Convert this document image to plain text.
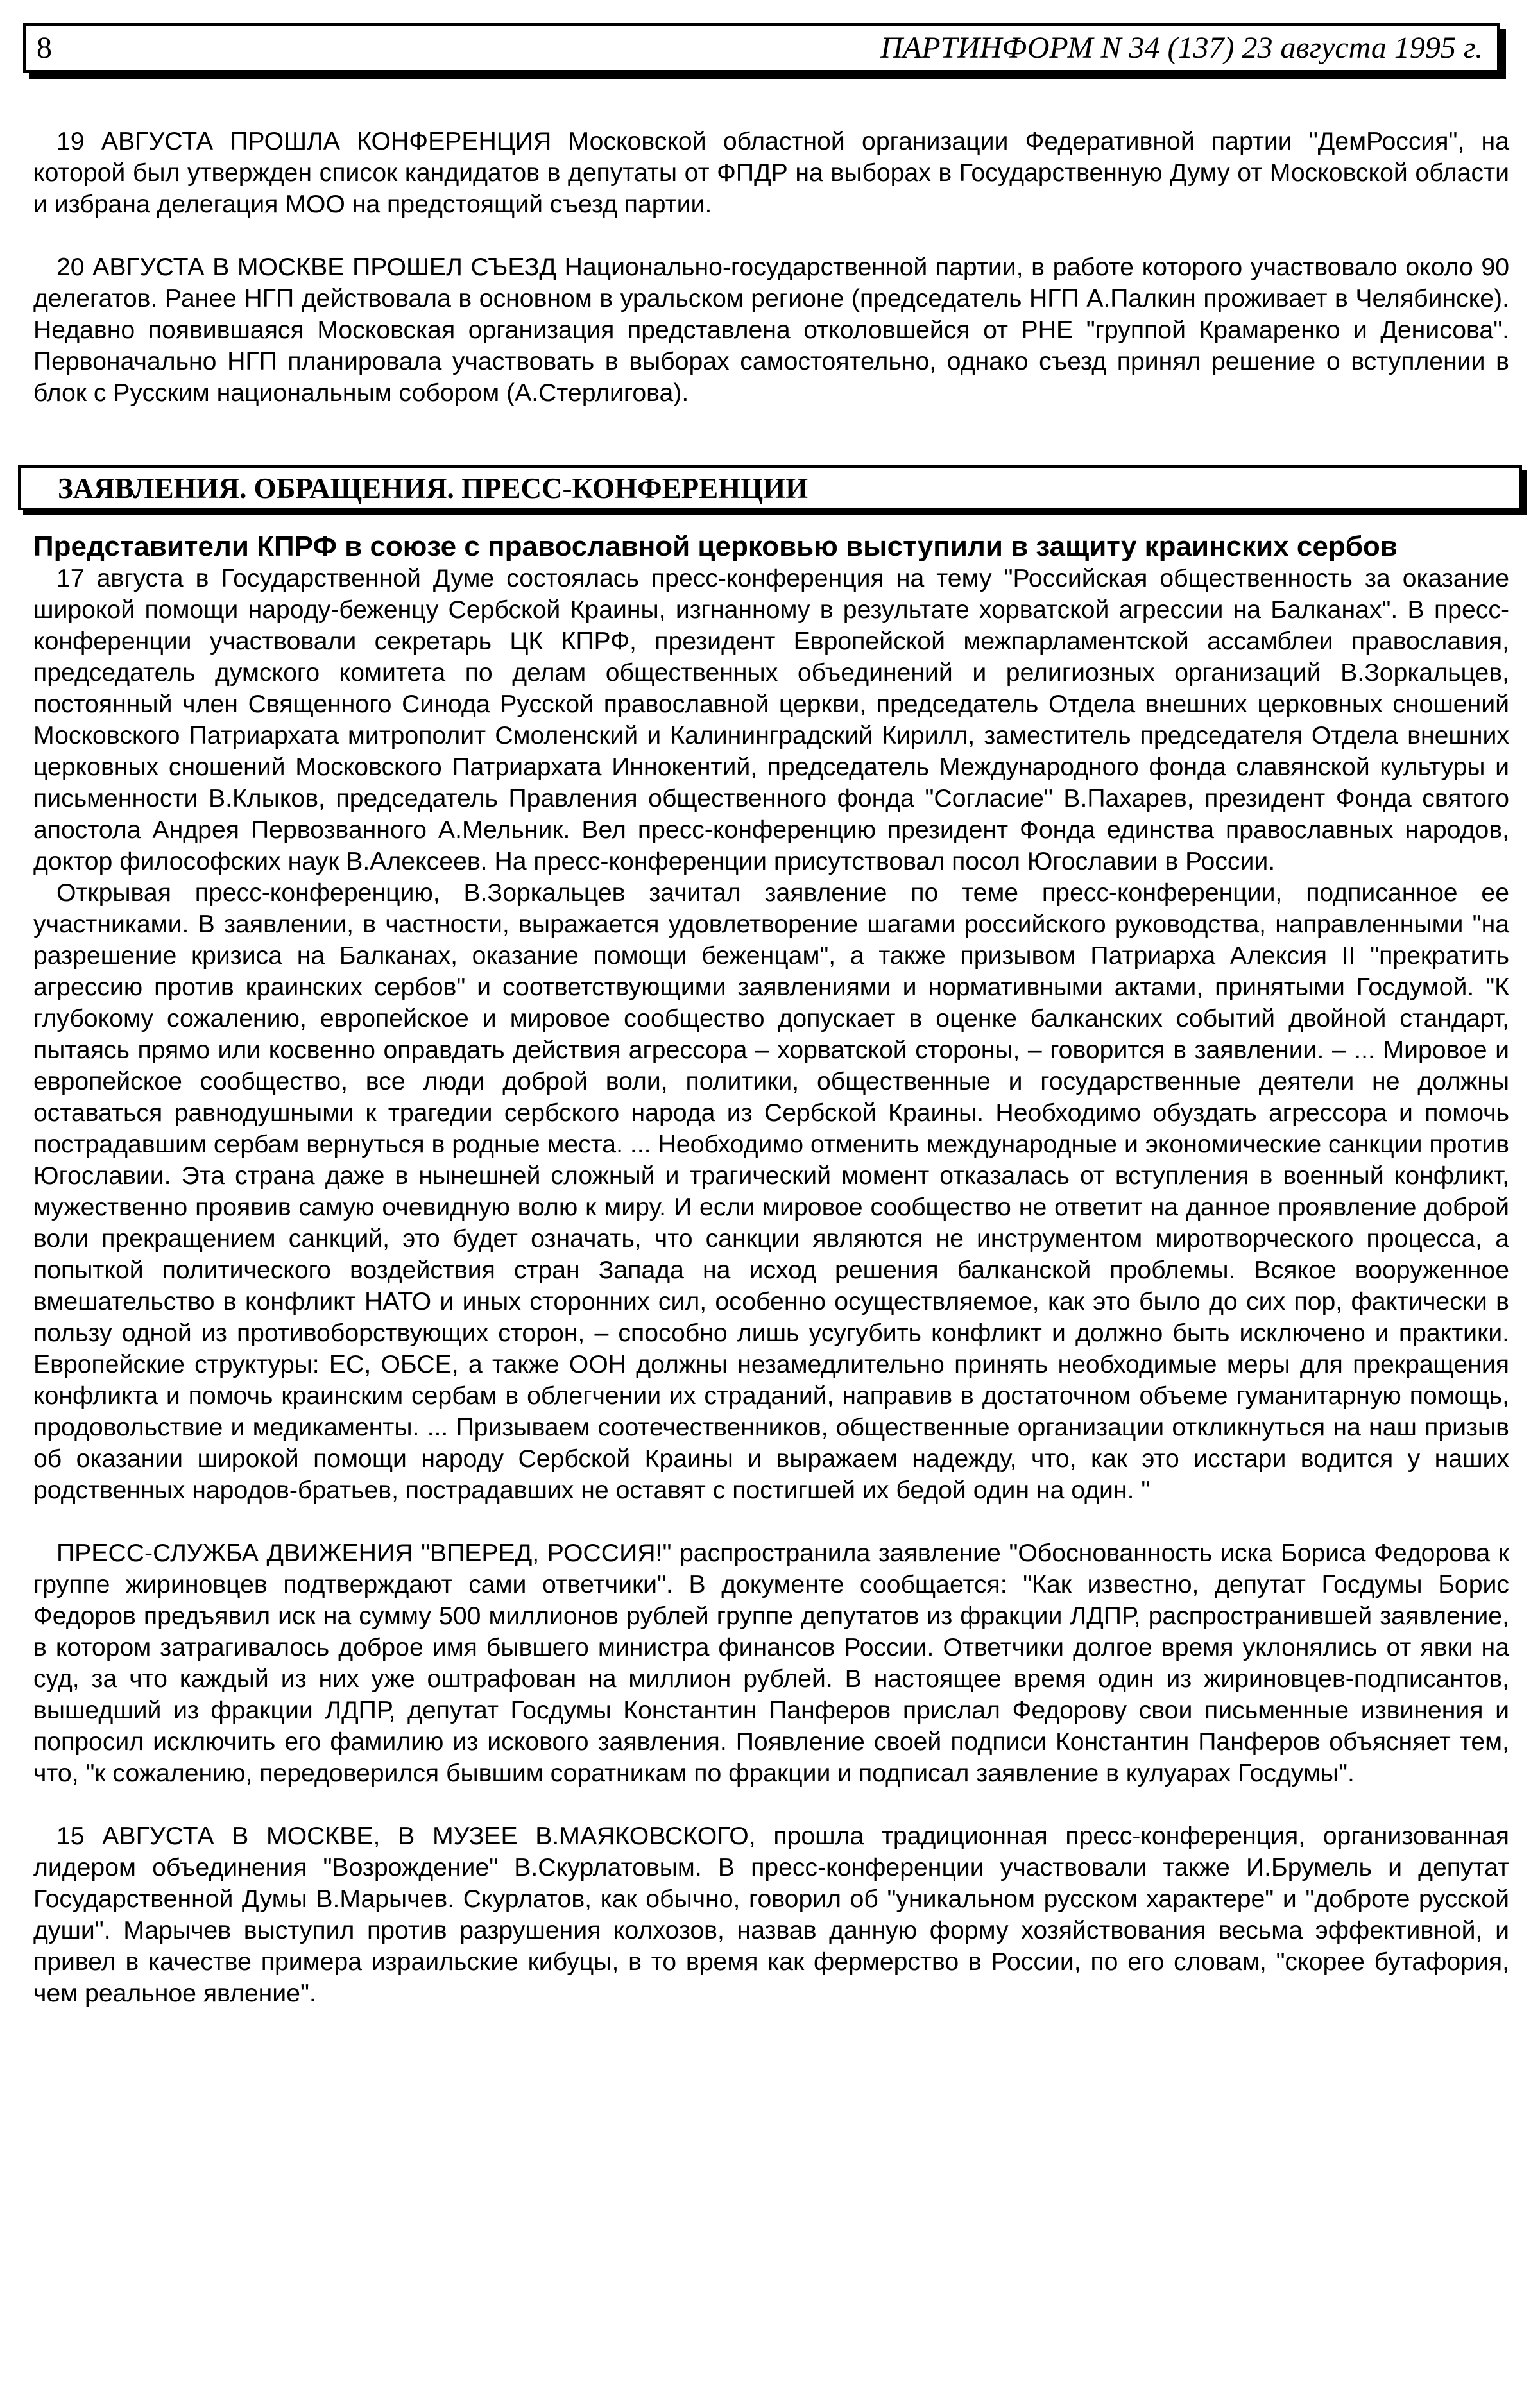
8	ПАРТИНФОРМ N 34 (137) 23 августа 1995 г.

19 АВГУСТА ПРОШЛА КОНФЕРЕНЦИЯ Московской областной организации Федеративной партии "ДемРоссия", на которой был утвержден список кандидатов в депутаты от ФПДР на выборах в Государственную Думу от Московской области и избрана делегация МОО на предстоящий съезд партии.

20 АВГУСТА В МОСКВЕ ПРОШЕЛ СЪЕЗД Национально-государственной партии, в работе которого участвовало около 90 делегатов. Ранее НГП действовала в основном в уральском регионе (председатель НГП А.Палкин проживает в Челябинске). Недавно появившаяся Московская организация представлена отколовшейся от РНЕ "группой Крамаренко и Денисова". Первоначально НГП планировала участвовать в выборах самостоятельно, однако съезд принял решение о вступлении в блок с Русским национальным собором (А.Стерлигова).

ЗАЯВЛЕНИЯ. ОБРАЩЕНИЯ. ПРЕСС-КОНФЕРЕНЦИИ
Представители КПРФ в союзе с православной церковью выступили в защиту краинских сербов

17 августа в Государственной Думе состоялась пресс-конференция на тему "Российская общественность за оказание широкой помощи народу-беженцу Сербской Краины, изгнанному в результате хорватской агрессии на Балканах". В пресс-конференции участвовали секретарь ЦК КПРФ, президент Европейской межпарламентской ассамблеи православия, председатель думского комитета по делам общественных объединений и религиозных организаций В.Зоркальцев, постоянный член Священного Синода Русской православной церкви, председатель Отдела внешних церковных сношений Московского Патриархата митрополит Смоленский и Калининградский Кирилл, заместитель председателя Отдела внешних церковных сношений Московского Патриархата Иннокентий, председатель Международного фонда славянской культуры и письменности В.Клыков, председатель Правления общественного фонда "Согласие" В.Пахарев, президент Фонда святого апостола Андрея Первозванного А.Мельник. Вел пресс-конференцию президент Фонда единства православных народов, доктор философских наук В.Алексеев. На пресс-конференции присутствовал посол Югославии в России.

Открывая пресс-конференцию, В.Зоркальцев зачитал заявление по теме пресс-конференции, подписанное ее участниками. В заявлении, в частности, выражается удовлетворение шагами российского руководства, направленными "на разрешение кризиса на Балканах, оказание помощи беженцам", а также призывом Патриарха Алексия II "прекратить агрессию против краинских сербов" и соответствующими заявлениями и нормативными актами, принятыми Госдумой. "К глубокому сожалению, европейское и мировое сообщество допускает в оценке балканских событий двойной стандарт, пытаясь прямо или косвенно оправдать действия агрессора – хорватской стороны, – говорится в заявлении. – ... Мировое и европейское сообщество, все люди доброй воли, политики, общественные и государственные деятели не должны оставаться равнодушными к трагедии сербского народа из Сербской Краины. Необходимо обуздать агрессора и помочь пострадавшим сербам вернуться в родные места. ... Необходимо отменить международные и экономические санкции против Югославии. Эта страна даже в нынешней сложный и трагический момент отказалась от вступления в военный конфликт, мужественно проявив самую очевидную волю к миру. И если мировое сообщество не ответит на данное проявление доброй воли прекращением санкций, это будет означать, что санкции являются не инструментом миротворческого процесса, а попыткой политического воздействия стран Запада на исход решения балканской проблемы. Всякое вооруженное вмешательство в конфликт НАТО и иных сторонних сил, особенно осуществляемое, как это было до сих пор, фактически в пользу одной из противоборствующих сторон, – способно лишь усугубить конфликт и должно быть исключено и практики. Европейские структуры: ЕС, ОБСЕ, а также ООН должны незамедлительно принять необходимые меры для прекращения конфликта и помочь краинским сербам в облегчении их страданий, направив в достаточном объеме гуманитарную помощь, продовольствие и медикаменты. ... Призываем соотечественников, общественные организации откликнуться на наш призыв об оказании широкой помощи народу Сербской Краины и выражаем надежду, что, как это исстари водится у наших родственных народов-братьев, пострадавших не оставят с постигшей их бедой один на один. "

ПРЕСС-СЛУЖБА ДВИЖЕНИЯ "ВПЕРЕД, РОССИЯ!" распространила заявление "Обоснованность иска Бориса Федорова к группе жириновцев подтверждают сами ответчики". В документе сообщается: "Как известно, депутат Госдумы Борис Федоров предъявил иск на сумму 500 миллионов рублей группе депутатов из фракции ЛДПР, распространившей заявление, в котором затрагивалось доброе имя бывшего министра финансов России. Ответчики долгое время уклонялись от явки на суд, за что каждый из них уже оштрафован на миллион рублей. В настоящее время один из жириновцев-подписантов, вышедший из фракции ЛДПР, депутат Госдумы Константин Панферов прислал Федорову свои письменные извинения и попросил исключить его фамилию из искового заявления. Появление своей подписи Константин Панферов объясняет тем, что, "к сожалению, передоверился бывшим соратникам по фракции и подписал заявление в кулуарах Госдумы".

15 АВГУСТА В МОСКВЕ, В МУЗЕЕ В.МАЯКОВСКОГО, прошла традиционная пресс-конференция, организованная лидером объединения "Возрождение" В.Скурлатовым. В пресс-конференции участвовали также И.Брумель и депутат Государственной Думы В.Марычев. Скурлатов, как обычно, говорил об "уникальном русском характере" и "доброте русской души". Марычев выступил против разрушения колхозов, назвав данную форму хозяйствования весьма эффективной, и привел в качестве примера израильские кибуцы, в то время как фермерство в России, по его словам, "скорее бутафория, чем реальное явление".
